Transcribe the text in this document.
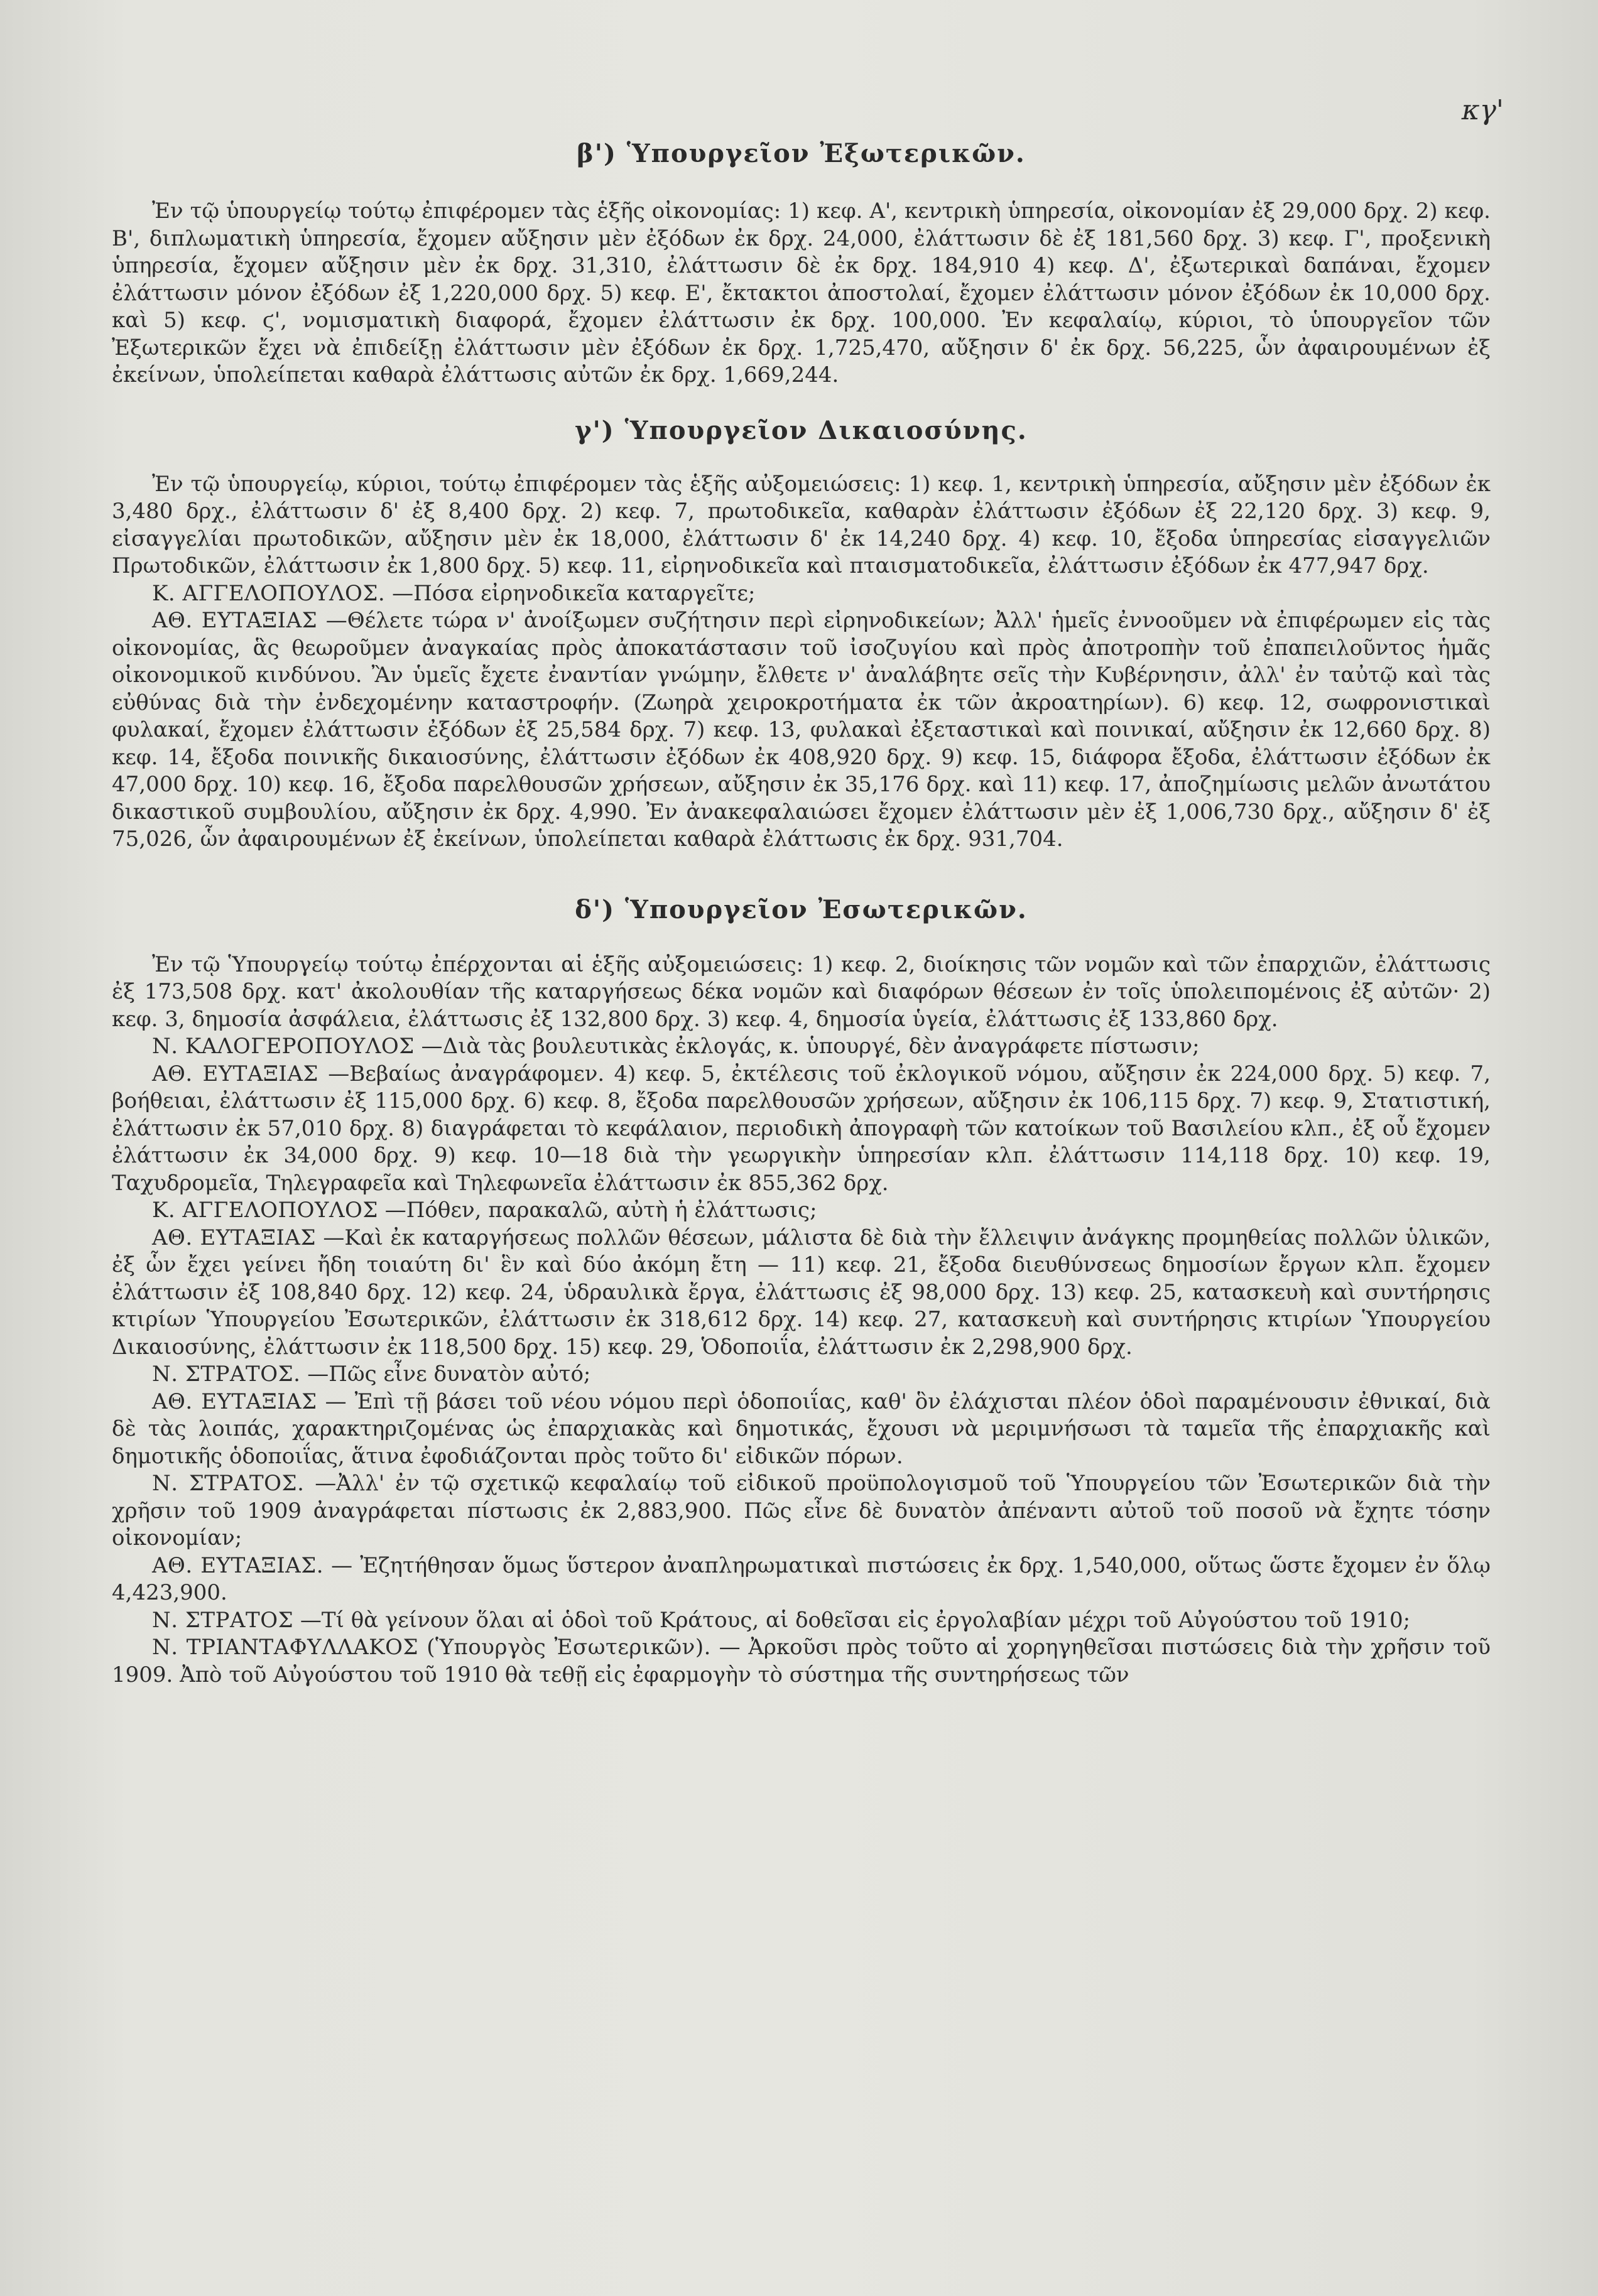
κγ'
β') Ὑπουργεῖον Ἐξωτερικῶν.

Ἐν τῷ ὑπουργείῳ τούτῳ ἐπιφέρομεν τὰς ἑξῆς οἰκονομίας: 1) κεφ. Α', κεντρικὴ ὑπηρεσία, οἰκονομίαν ἐξ 29,000 δρχ. 2) κεφ. Β', διπλωματικὴ ὑπηρεσία, ἔχομεν αὔξησιν μὲν ἐξόδων ἐκ δρχ. 24,000, ἐλάττωσιν δὲ ἐξ 181,560 δρχ. 3) κεφ. Γ', προξενικὴ ὑπηρεσία, ἔχομεν αὔξησιν μὲν ἐκ δρχ. 31,310, ἐλάττωσιν δὲ ἐκ δρχ. 184,910 4) κεφ. Δ', ἐξωτερικαὶ δαπάναι, ἔχομεν ἐλάττωσιν μόνον ἐξόδων ἐξ 1,220,000 δρχ. 5) κεφ. Ε', ἔκτακτοι ἀποστολαί, ἔχομεν ἐλάττωσιν μόνον ἐξόδων ἐκ 10,000 δρχ. καὶ 5) κεφ. ϛ', νομισματικὴ διαφορά, ἔχομεν ἐλάττωσιν ἐκ δρχ. 100,000. Ἐν κεφαλαίῳ, κύριοι, τὸ ὑπουργεῖον τῶν Ἐξωτερικῶν ἔχει νὰ ἐπιδείξῃ ἐλάττωσιν μὲν ἐξόδων ἐκ δρχ. 1,725,470, αὔξησιν δ' ἐκ δρχ. 56,225, ὧν ἀφαιρουμένων ἐξ ἐκείνων, ὑπολείπεται καθαρὰ ἐλάττωσις αὐτῶν ἐκ δρχ. 1,669,244.

γ') Ὑπουργεῖον Δικαιοσύνης.

Ἐν τῷ ὑπουργείῳ, κύριοι, τούτῳ ἐπιφέρομεν τὰς ἑξῆς αὐξομειώσεις: 1) κεφ. 1, κεντρικὴ ὑπηρεσία, αὔξησιν μὲν ἐξόδων ἐκ 3,480 δρχ., ἐλάττωσιν δ' ἐξ 8,400 δρχ. 2) κεφ. 7, πρωτοδικεῖα, καθαρὰν ἐλάττωσιν ἐξόδων ἐξ 22,120 δρχ. 3) κεφ. 9, εἰσαγγελίαι πρωτοδικῶν, αὔξησιν μὲν ἐκ 18,000, ἐλάττωσιν δ' ἐκ 14,240 δρχ. 4) κεφ. 10, ἔξοδα ὑπηρεσίας εἰσαγγελιῶν Πρωτοδικῶν, ἐλάττωσιν ἐκ 1,800 δρχ. 5) κεφ. 11, εἰρηνοδικεῖα καὶ πταισματοδικεῖα, ἐλάττωσιν ἐξόδων ἐκ 477,947 δρχ.

Κ. ΑΓΓΕΛΟΠΟΥΛΟΣ. —Πόσα εἰρηνοδικεῖα καταργεῖτε;

ΑΘ. ΕΥΤΑΞΙΑΣ —Θέλετε τώρα ν' ἀνοίξωμεν συζήτησιν περὶ εἰρηνοδικείων; Ἀλλ' ἡμεῖς ἐννοοῦμεν νὰ ἐπιφέρωμεν εἰς τὰς οἰκονομίας, ἃς θεωροῦμεν ἀναγκαίας πρὸς ἀποκατάστασιν τοῦ ἰσοζυγίου καὶ πρὸς ἀποτροπὴν τοῦ ἐπαπειλοῦντος ἡμᾶς οἰκονομικοῦ κινδύνου. Ἂν ὑμεῖς ἔχετε ἐναντίαν γνώμην, ἔλθετε ν' ἀναλάβητε σεῖς τὴν Κυβέρνησιν, ἀλλ' ἐν ταὐτῷ καὶ τὰς εὐθύνας διὰ τὴν ἐνδεχομένην καταστροφήν. (Ζωηρὰ χειροκροτήματα ἐκ τῶν ἀκροατηρίων). 6) κεφ. 12, σωφρονιστικαὶ φυλακαί, ἔχομεν ἐλάττωσιν ἐξόδων ἐξ 25,584 δρχ. 7) κεφ. 13, φυλακαὶ ἐξεταστικαὶ καὶ ποινικαί, αὔξησιν ἐκ 12,660 δρχ. 8) κεφ. 14, ἔξοδα ποινικῆς δικαιοσύνης, ἐλάττωσιν ἐξόδων ἐκ 408,920 δρχ. 9) κεφ. 15, διάφορα ἔξοδα, ἐλάττωσιν ἐξόδων ἐκ 47,000 δρχ. 10) κεφ. 16, ἔξοδα παρελθουσῶν χρήσεων, αὔξησιν ἐκ 35,176 δρχ. καὶ 11) κεφ. 17, ἀποζημίωσις μελῶν ἀνωτάτου δικαστικοῦ συμβουλίου, αὔξησιν ἐκ δρχ. 4,990. Ἐν ἀνακεφαλαιώσει ἔχομεν ἐλάττωσιν μὲν ἐξ 1,006,730 δρχ., αὔξησιν δ' ἐξ 75,026, ὧν ἀφαιρουμένων ἐξ ἐκείνων, ὑπολείπεται καθαρὰ ἐλάττωσις ἐκ δρχ. 931,704.

δ') Ὑπουργεῖον Ἐσωτερικῶν.

Ἐν τῷ Ὑπουργείῳ τούτῳ ἐπέρχονται αἱ ἑξῆς αὐξομειώσεις: 1) κεφ. 2, διοίκησις τῶν νομῶν καὶ τῶν ἐπαρχιῶν, ἐλάττωσις ἐξ 173,508 δρχ. κατ' ἀκολουθίαν τῆς καταργήσεως δέκα νομῶν καὶ διαφόρων θέσεων ἐν τοῖς ὑπολειπομένοις ἐξ αὐτῶν· 2) κεφ. 3, δημοσία ἀσφάλεια, ἐλάττωσις ἐξ 132,800 δρχ. 3) κεφ. 4, δημοσία ὑγεία, ἐλάττωσις ἐξ 133,860 δρχ.

Ν. ΚΑΛΟΓΕΡΟΠΟΥΛΟΣ —Διὰ τὰς βουλευτικὰς ἐκλογάς, κ. ὑπουργέ, δὲν ἀναγράφετε πίστωσιν;

ΑΘ. ΕΥΤΑΞΙΑΣ —Βεβαίως ἀναγράφομεν. 4) κεφ. 5, ἐκτέλεσις τοῦ ἐκλογικοῦ νόμου, αὔξησιν ἐκ 224,000 δρχ. 5) κεφ. 7, βοήθειαι, ἐλάττωσιν ἐξ 115,000 δρχ. 6) κεφ. 8, ἔξοδα παρελθουσῶν χρήσεων, αὔξησιν ἐκ 106,115 δρχ. 7) κεφ. 9, Στατιστική, ἐλάττωσιν ἐκ 57,010 δρχ. 8) διαγράφεται τὸ κεφάλαιον, περιοδικὴ ἀπογραφὴ τῶν κατοίκων τοῦ Βασιλείου κλπ., ἐξ οὗ ἔχομεν ἐλάττωσιν ἐκ 34,000 δρχ. 9) κεφ. 10—18 διὰ τὴν γεωργικὴν ὑπηρεσίαν κλπ. ἐλάττωσιν 114,118 δρχ. 10) κεφ. 19, Ταχυδρομεῖα, Τηλεγραφεῖα καὶ Τηλεφωνεῖα ἐλάττωσιν ἐκ 855,362 δρχ.

Κ. ΑΓΓΕΛΟΠΟΥΛΟΣ —Πόθεν, παρακαλῶ, αὐτὴ ἡ ἐλάττωσις;

ΑΘ. ΕΥΤΑΞΙΑΣ —Καὶ ἐκ καταργήσεως πολλῶν θέσεων, μάλιστα δὲ διὰ τὴν ἔλλειψιν ἀνάγκης προμηθείας πολλῶν ὑλικῶν, ἐξ ὧν ἔχει γείνει ἤδη τοιαύτη δι' ἓν καὶ δύο ἀκόμη ἔτη — 11) κεφ. 21, ἔξοδα διευθύνσεως δημοσίων ἔργων κλπ. ἔχομεν ἐλάττωσιν ἐξ 108,840 δρχ. 12) κεφ. 24, ὑδραυλικὰ ἔργα, ἐλάττωσις ἐξ 98,000 δρχ. 13) κεφ. 25, κατασκευὴ καὶ συντήρησις κτιρίων Ὑπουργείου Ἐσωτερικῶν, ἐλάττωσιν ἐκ 318,612 δρχ. 14) κεφ. 27, κατασκευὴ καὶ συντήρησις κτιρίων Ὑπουργείου Δικαιοσύνης, ἐλάττωσιν ἐκ 118,500 δρχ. 15) κεφ. 29, Ὁδοποιΐα, ἐλάττωσιν ἐκ 2,298,900 δρχ.

Ν. ΣΤΡΑΤΟΣ. —Πῶς εἶνε δυνατὸν αὐτό;

ΑΘ. ΕΥΤΑΞΙΑΣ — Ἐπὶ τῇ βάσει τοῦ νέου νόμου περὶ ὁδοποιΐας, καθ' ὃν ἐλάχισται πλέον ὁδοὶ παραμένουσιν ἐθνικαί, διὰ δὲ τὰς λοιπάς, χαρακτηριζομένας ὡς ἐπαρχιακὰς καὶ δημοτικάς, ἔχουσι νὰ μεριμνήσωσι τὰ ταμεῖα τῆς ἐπαρχιακῆς καὶ δημοτικῆς ὁδοποιΐας, ἅτινα ἐφοδιάζονται πρὸς τοῦτο δι' εἰδικῶν πόρων.

Ν. ΣΤΡΑΤΟΣ. —Ἀλλ' ἐν τῷ σχετικῷ κεφαλαίῳ τοῦ εἰδικοῦ προϋπολογισμοῦ τοῦ Ὑπουργείου τῶν Ἐσωτερικῶν διὰ τὴν χρῆσιν τοῦ 1909 ἀναγράφεται πίστωσις ἐκ 2,883,900. Πῶς εἶνε δὲ δυνατὸν ἀπέναντι αὐτοῦ τοῦ ποσοῦ νὰ ἔχητε τόσην οἰκονομίαν;

ΑΘ. ΕΥΤΑΞΙΑΣ. — Ἐζητήθησαν ὅμως ὕστερον ἀναπληρωματικαὶ πιστώσεις ἐκ δρχ. 1,540,000, οὕτως ὥστε ἔχομεν ἐν ὅλῳ 4,423,900.

Ν. ΣΤΡΑΤΟΣ —Τί θὰ γείνουν ὅλαι αἱ ὁδοὶ τοῦ Κράτους, αἱ δοθεῖσαι εἰς ἐργολαβίαν μέχρι τοῦ Αὐγούστου τοῦ 1910;

Ν. ΤΡΙΑΝΤΑΦΥΛΛΑΚΟΣ (Ὑπουργὸς Ἐσωτερικῶν). — Ἀρκοῦσι πρὸς τοῦτο αἱ χορηγηθεῖσαι πιστώσεις διὰ τὴν χρῆσιν τοῦ 1909. Ἀπὸ τοῦ Αὐγούστου τοῦ 1910 θὰ τεθῇ εἰς ἐφαρμογὴν τὸ σύστημα τῆς συντηρήσεως τῶν
